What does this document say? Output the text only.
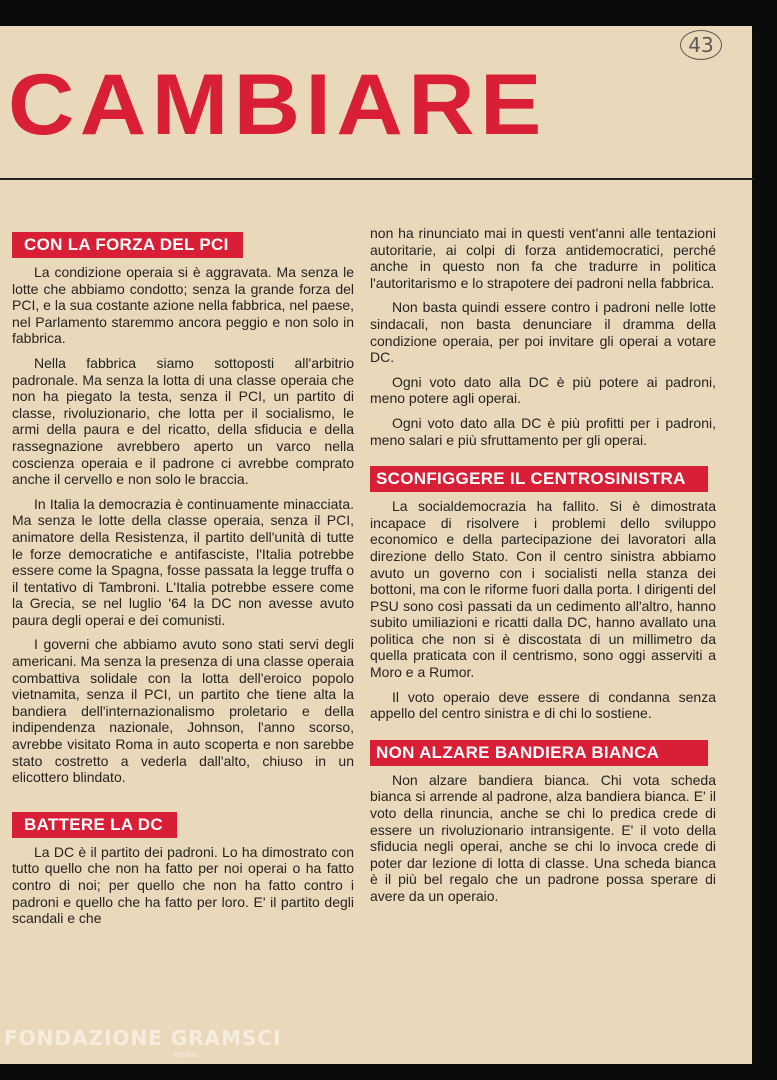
43
CAMBIARE
CON LA FORZA DEL PCI

La condizione operaia si è aggravata. Ma senza le lotte che abbiamo condotto; senza la grande forza del PCI, e la sua costante azione nella fabbrica, nel paese, nel Parlamento staremmo ancora peggio e non solo in fabbrica.

Nella fabbrica siamo sottoposti all'arbitrio padronale. Ma senza la lotta di una classe operaia che non ha piegato la testa, senza il PCI, un partito di classe, rivoluzionario, che lotta per il socialismo, le armi della paura e del ricatto, della sfiducia e della rassegnazione avrebbero aperto un varco nella coscienza operaia e il padrone ci avrebbe comprato anche il cervello e non solo le braccia.

In Italia la democrazia è continuamente minacciata. Ma senza le lotte della classe operaia, senza il PCI, animatore della Resistenza, il partito dell'unità di tutte le forze democratiche e antifasciste, l'Italia potrebbe essere come la Spagna, fosse passata la legge truffa o il tentativo di Tambroni. L'Italia potrebbe essere come la Grecia, se nel luglio '64 la DC non avesse avuto paura degli operai e dei comunisti.

I governi che abbiamo avuto sono stati servi degli americani. Ma senza la presenza di una classe operaia combattiva solidale con la lotta dell'eroico popolo vietnamita, senza il PCI, un partito che tiene alta la bandiera dell'internazionalismo proletario e della indipendenza nazionale, Johnson, l'anno scorso, avrebbe visitato Roma in auto scoperta e non sarebbe stato costretto a vederla dall'alto, chiuso in un elicottero blindato.

BATTERE LA DC

La DC è il partito dei padroni. Lo ha dimostrato con tutto quello che non ha fatto per noi operai o ha fatto contro di noi; per quello che non ha fatto contro i padroni e quello che ha fatto per loro. E' il partito degli scandali e che

non ha rinunciato mai in questi vent'anni alle tentazioni autoritarie, ai colpi di forza antidemocratici, perché anche in questo non fa che tradurre in politica l'autoritarismo e lo strapotere dei padroni nella fabbrica.

Non basta quindi essere contro i padroni nelle lotte sindacali, non basta denunciare il dramma della condizione operaia, per poi invitare gli operai a votare DC.

Ogni voto dato alla DC è più potere ai padroni, meno potere agli operai.

Ogni voto dato alla DC è più profitti per i padroni, meno salari e più sfruttamento per gli operai.

SCONFIGGERE IL CENTROSINISTRA

La socialdemocrazia ha fallito. Si è dimostrata incapace di risolvere i problemi dello sviluppo economico e della partecipazione dei lavoratori alla direzione dello Stato. Con il centro sinistra abbiamo avuto un governo con i socialisti nella stanza dei bottoni, ma con le riforme fuori dalla porta. I dirigenti del PSU sono così passati da un cedimento all'altro, hanno subito umiliazioni e ricatti dalla DC, hanno avallato una politica che non si è discostata di un millimetro da quella praticata con il centrismo, sono oggi asserviti a Moro e a Rumor.

Il voto operaio deve essere di condanna senza appello del centro sinistra e di chi lo sostiene.

NON ALZARE BANDIERA BIANCA

Non alzare bandiera bianca. Chi vota scheda bianca si arrende al padrone, alza bandiera bianca. E' il voto della rinuncia, anche se chi lo predica crede di essere un rivoluzionario intransigente. E' il voto della sfiducia negli operai, anche se chi lo invoca crede di poter dar lezione di lotta di classe. Una scheda bianca è il più bel regalo che un padrone possa sperare di avere da un operaio.

FONDAZIONE GRAMSCI
onlus
